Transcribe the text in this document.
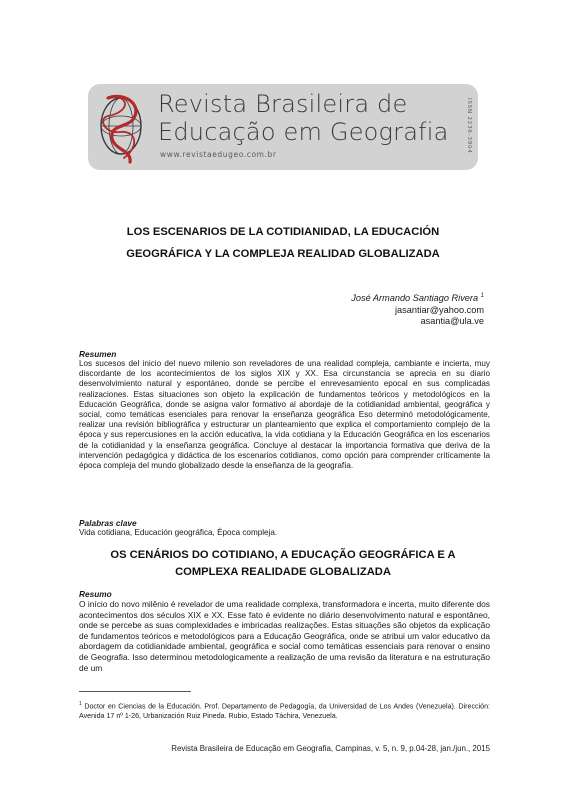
Revista Brasileira de
Educação em Geografia
www.revistaedugeo.com.br
ISSN 2236-3904
LOS ESCENARIOS DE LA COTIDIANIDAD, LA EDUCACIÓN
GEOGRÁFICA Y LA COMPLEJA REALIDAD GLOBALIZADA
José Armando Santiago Rivera $^1$
jasantiar@yahoo.com
asantia@ula.ve
Resumen
Los sucesos del inicio del nuevo milenio son reveladores de una realidad compleja, cambiante e incierta, muy discordante de los acontecimientos de los siglos XIX y XX. Esa circunstancia se aprecia en su diario desenvolvimiento natural y espontáneo, donde se percibe el enrevesamiento epocal en sus complicadas realizaciones. Estas situaciones son objeto la explicación de fundamentos teóricos y metodológicos en la Educación Geográfica, donde se asigna valor formativo al abordaje de la cotidianidad ambiental, geográfica y social, como temáticas esenciales para renovar la enseñanza geográfica Eso determinó metodológicamente, realizar una revisión bibliográfica y estructurar un planteamiento que explica el comportamiento complejo de la época y sus repercusiones en la acción educativa, la vida cotidiana y la Educación Geográfica en los escenarios de la cotidianidad y la enseñanza geográfica. Concluye al destacar la importancia formativa que deriva de la intervención pedagógica y didáctica de los escenarios cotidianos, como opción para comprender críticamente la época compleja del mundo globalizado desde la enseñanza de la geografía.
Palabras clave
Vida cotidiana, Educación geográfica, Época compleja.
OS CENÁRIOS DO COTIDIANO, A EDUCAÇÃO GEOGRÁFICA E A
COMPLEXA REALIDADE GLOBALIZADA
Resumo
O início do novo milênio é revelador de uma realidade complexa, transformadora e incerta, muito diferente dos acontecimentos dos séculos XIX e XX. Esse fato é evidente no diário desenvolvimento natural e espontâneo, onde se percebe as suas complexidades e imbricadas realizações. Estas situações são objetos da explicação de fundamentos teóricos e metodológicos para a Educação Geográfica, onde se atribui um valor educativo da abordagem da cotidianidade ambiental, geográfica e social como temáticas essenciais para renovar o ensino de Geografia. Isso determinou metodologicamente a realização de uma revisão da literatura e na estruturação de um
$^1$ Doctor en Ciencias de la Educación. Prof. Departamento de Pedagogía, da Universidad de Los Andes (Venezuela). Dirección: Avenida 17 nº 1-26, Urbanización Ruiz Pineda. Rubio, Estado Táchira, Venezuela.
Revista Brasileira de Educação em Geografia, Campinas, v. 5, n. 9, p.04-28, jan./jun., 2015
